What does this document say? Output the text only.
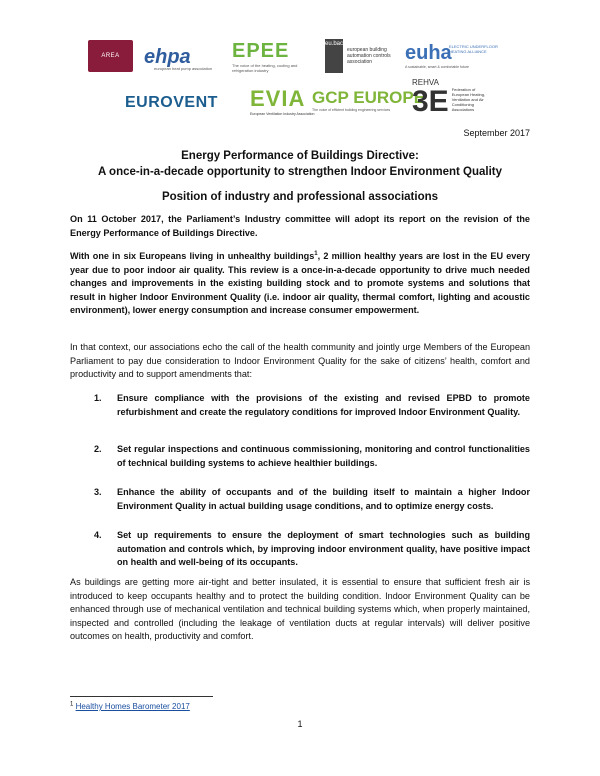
AREA ehpa
european heat pump association
EPEE
The voice of the heating, cooling and refrigeration industry
eu.bac
european building automation controls association	euha
ELECTRIC UNDERFLOOR HEATING ALLIANCE
A sustainable, smart & comfortable future
EUROVENT EVIA
European Ventilation Industry Association
GCP EUROPE
The voice of efficient building engineering services
REHVA
3E Federation of European Heating, Ventilation and Air Conditioning Associations
September 2017
Energy Performance of Buildings Directive:
A once-in-a-decade opportunity to strengthen Indoor Environment Quality
Position of industry and professional associations
On 11 October 2017, the Parliament’s Industry committee will adopt its report on the revision of the Energy Performance of Buildings Directive.
With one in six Europeans living in unhealthy buildings$^1$, 2 million healthy years are lost in the EU every year due to poor indoor air quality. This review is a once-in-a-decade opportunity to drive much needed changes and improvements in the existing building stock and to promote systems and solutions that result in higher Indoor Environment Quality (i.e. indoor air quality, thermal comfort, lighting and acoustic environment), lower energy consumption and increase consumer empowerment.
In that context, our associations echo the call of the health community and jointly urge Members of the European Parliament to pay due consideration to Indoor Environment Quality for the sake of citizens’ health, comfort and productivity and to support amendments that:
1. Ensure compliance with the provisions of the existing and revised EPBD to promote refurbishment and create the regulatory conditions for improved Indoor Environment Quality.
2. Set regular inspections and continuous commissioning, monitoring and control functionalities of technical building systems to achieve healthier buildings.
3. Enhance the ability of occupants and of the building itself to maintain a higher Indoor Environment Quality in actual building usage conditions, and to optimize energy costs.
4. Set up requirements to ensure the deployment of smart technologies such as building automation and controls which, by improving indoor environment quality, have positive impact on health and well-being of its occupants.
As buildings are getting more air-tight and better insulated, it is essential to ensure that sufficient fresh air is introduced to keep occupants healthy and to protect the building condition. Indoor Environment Quality can be enhanced through use of mechanical ventilation and technical building systems which, when properly maintained, inspected and controlled (including the leakage of ventilation ducts at regular intervals) will deliver positive outcomes on health, productivity and comfort.
$^1$ Healthy Homes Barometer 2017
1
